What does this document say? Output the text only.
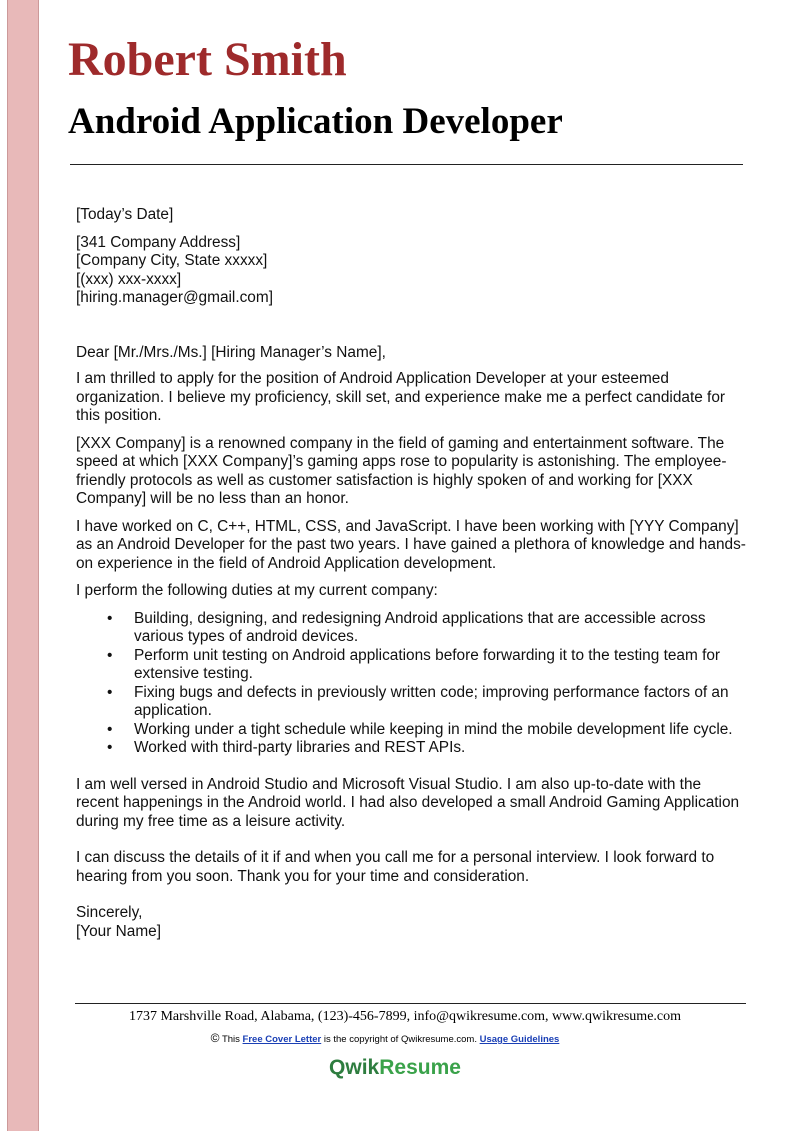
Robert Smith
Android Application Developer

[Today’s Date]

[341 Company Address]

[Company City, State xxxxx]

[(xxx) xxx-xxxx]

[hiring.manager@gmail.com]

Dear [Mr./Mrs./Ms.] [Hiring Manager’s Name],

I am thrilled to apply for the position of Android Application Developer at your esteemed organization. I believe my proficiency, skill set, and experience make me a perfect candidate for this position.

[XXX Company] is a renowned company in the field of gaming and entertainment software. The speed at which [XXX Company]’s gaming apps rose to popularity is astonishing. The employee-friendly protocols as well as customer satisfaction is highly spoken of and working for [XXX Company] will be no less than an honor.

I have worked on C, C++, HTML, CSS, and JavaScript. I have been working with [YYY Company] as an Android Developer for the past two years. I have gained a plethora of knowledge and hands-on experience in the field of Android Application development.

I perform the following duties at my current company:

• Building, designing, and redesigning Android applications that are accessible across various types of android devices.
• Perform unit testing on Android applications before forwarding it to the testing team for extensive testing.
• Fixing bugs and defects in previously written code; improving performance factors of an application.
• Working under a tight schedule while keeping in mind the mobile development life cycle.
• Worked with third-party libraries and REST APIs.

I am well versed in Android Studio and Microsoft Visual Studio. I am also up-to-date with the recent happenings in the Android world. I had also developed a small Android Gaming Application during my free time as a leisure activity.

I can discuss the details of it if and when you call me for a personal interview. I look forward to hearing from you soon. Thank you for your time and consideration.

Sincerely,

[Your Name]

1737 Marshville Road, Alabama, (123)-456-7899, info@qwikresume.com, www.qwikresume.com
© This Free Cover Letter is the copyright of Qwikresume.com. Usage Guidelines
QwikResume
